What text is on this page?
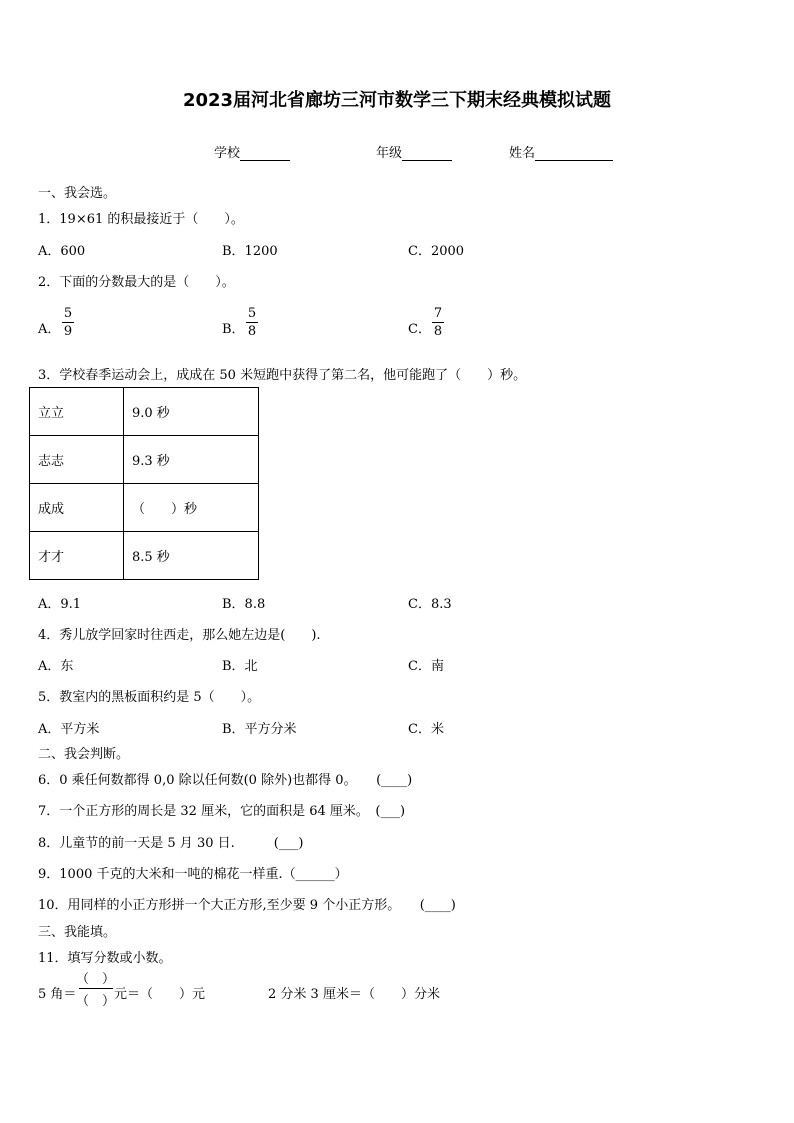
2023届河北省廊坊三河市数学三下期末经典模拟试题
学校	年级	姓名
一、我会选。
1．19×61 的积最接近于（　　）。
A．600	B．1200	C．2000
2．下面的分数最大的是（　　）。
A．
5
9	B．
5
8	C．
7
8
3．学校春季运动会上，成成在 50 米短跑中获得了第二名，他可能跑了（　　）秒。
立立	9.0 秒
志志	9.3 秒
成成	（　　）秒
才才	8.5 秒
A．9.1	B．8.8	C．8.3
4．秀儿放学回家时往西走，那么她左边是(　　).
A．东	B．北	C．南
5．教室内的黑板面积约是 5（　　）。
A．平方米	B．平方分米	C．米
二、我会判断。
6．0 乘任何数都得 0,0 除以任何数(0 除外)也都得 0。　　(____)
7．一个正方形的周长是 32 厘米，它的面积是 64 厘米。　(___)
8．儿童节的前一天是 5 月 30 日.　　　(___)
9．1000 千克的大米和一吨的棉花一样重.（______）
10．用同样的小正方形拼一个大正方形,至少要 9 个小正方形。　　(____)
三、我能填。
11．填写分数或小数。
5 角＝
（　）
（　）
元＝（　　）元	2 分米 3 厘米＝（　　）分米
